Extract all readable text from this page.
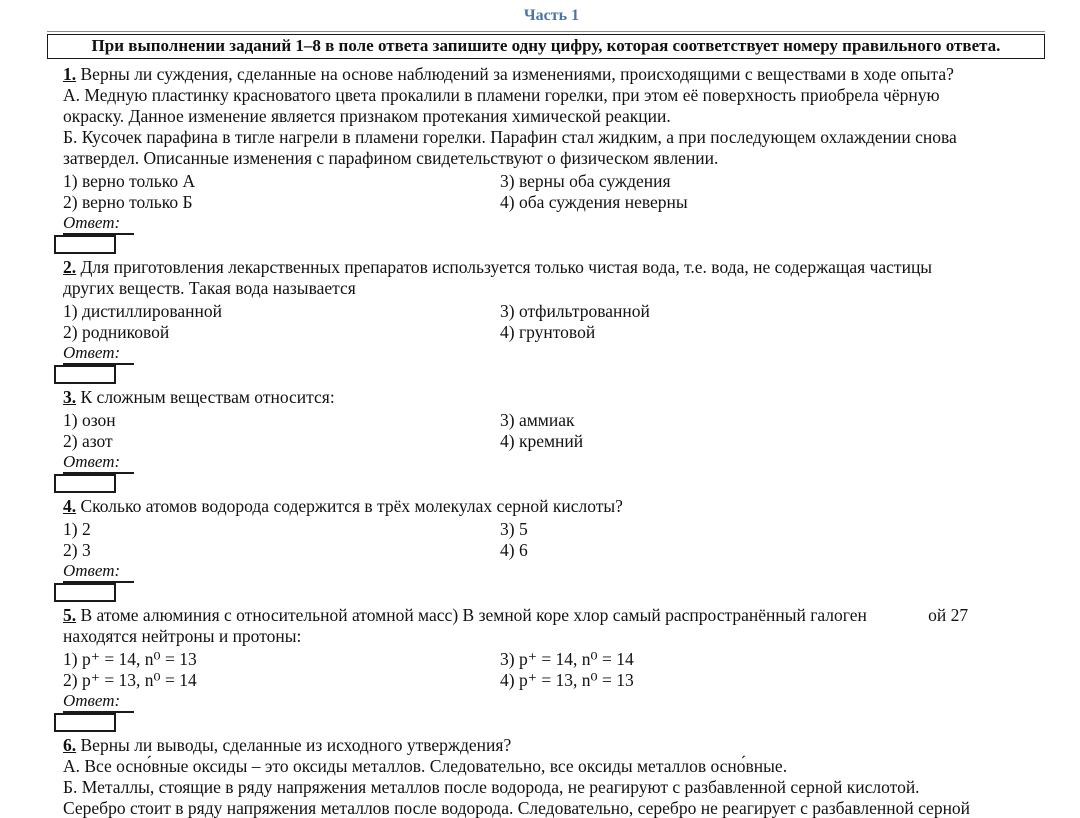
Часть 1
При выполнении заданий 1–8 в поле ответа запишите одну цифру, которая соответствует номеру правильного ответа.
1. Верны ли суждения, сделанные на основе наблюдений за изменениями, происходящими с веществами в ходе опыта?
А. Медную пластинку красноватого цвета прокалили в пламени горелки, при этом её поверхность приобрела чёрную
окраску. Данное изменение является признаком протекания химической реакции.
Б. Кусочек парафина в тигле нагрели в пламени горелки. Парафин стал жидким, а при последующем охлаждении снова
затвердел. Описанные изменения с парафином свидетельствуют о физическом явлении.
1) верно только А
2) верно только Б
3) верны оба суждения
4) оба суждения неверны
Ответ:
2. Для приготовления лекарственных препаратов используется только чистая вода, т.е. вода, не содержащая частицы
других веществ. Такая вода называется
1) дистиллированной
2) родниковой
3) отфильтрованной
4) грунтовой
Ответ:
3. К сложным веществам относится:
1) озон
2) азот
3) аммиак
4) кремний
Ответ:
4. Сколько атомов водорода содержится в трёх молекулах серной кислоты?
1) 2
2) 3
3) 5
4) 6
Ответ:
5. В атоме алюминия с относительной атомной масс) В земной коре хлор самый распространённый галоген              ой 27
находятся нейтроны и протоны:
1) p⁺ = 14, n⁰ = 13
2) p⁺ = 13, n⁰ = 14
3) p⁺ = 14, n⁰ = 14
4) p⁺ = 13, n⁰ = 13
Ответ:
6. Верны ли выводы, сделанные из исходного утверждения?
А. Все осно́вные оксиды – это оксиды металлов. Следовательно, все оксиды металлов осно́вные.
Б. Металлы, стоящие в ряду напряжения металлов после водорода, не реагируют с разбавленной серной кислотой.
Серебро стоит в ряду напряжения металлов после водорода. Следовательно, серебро не реагирует с разбавленной серной
